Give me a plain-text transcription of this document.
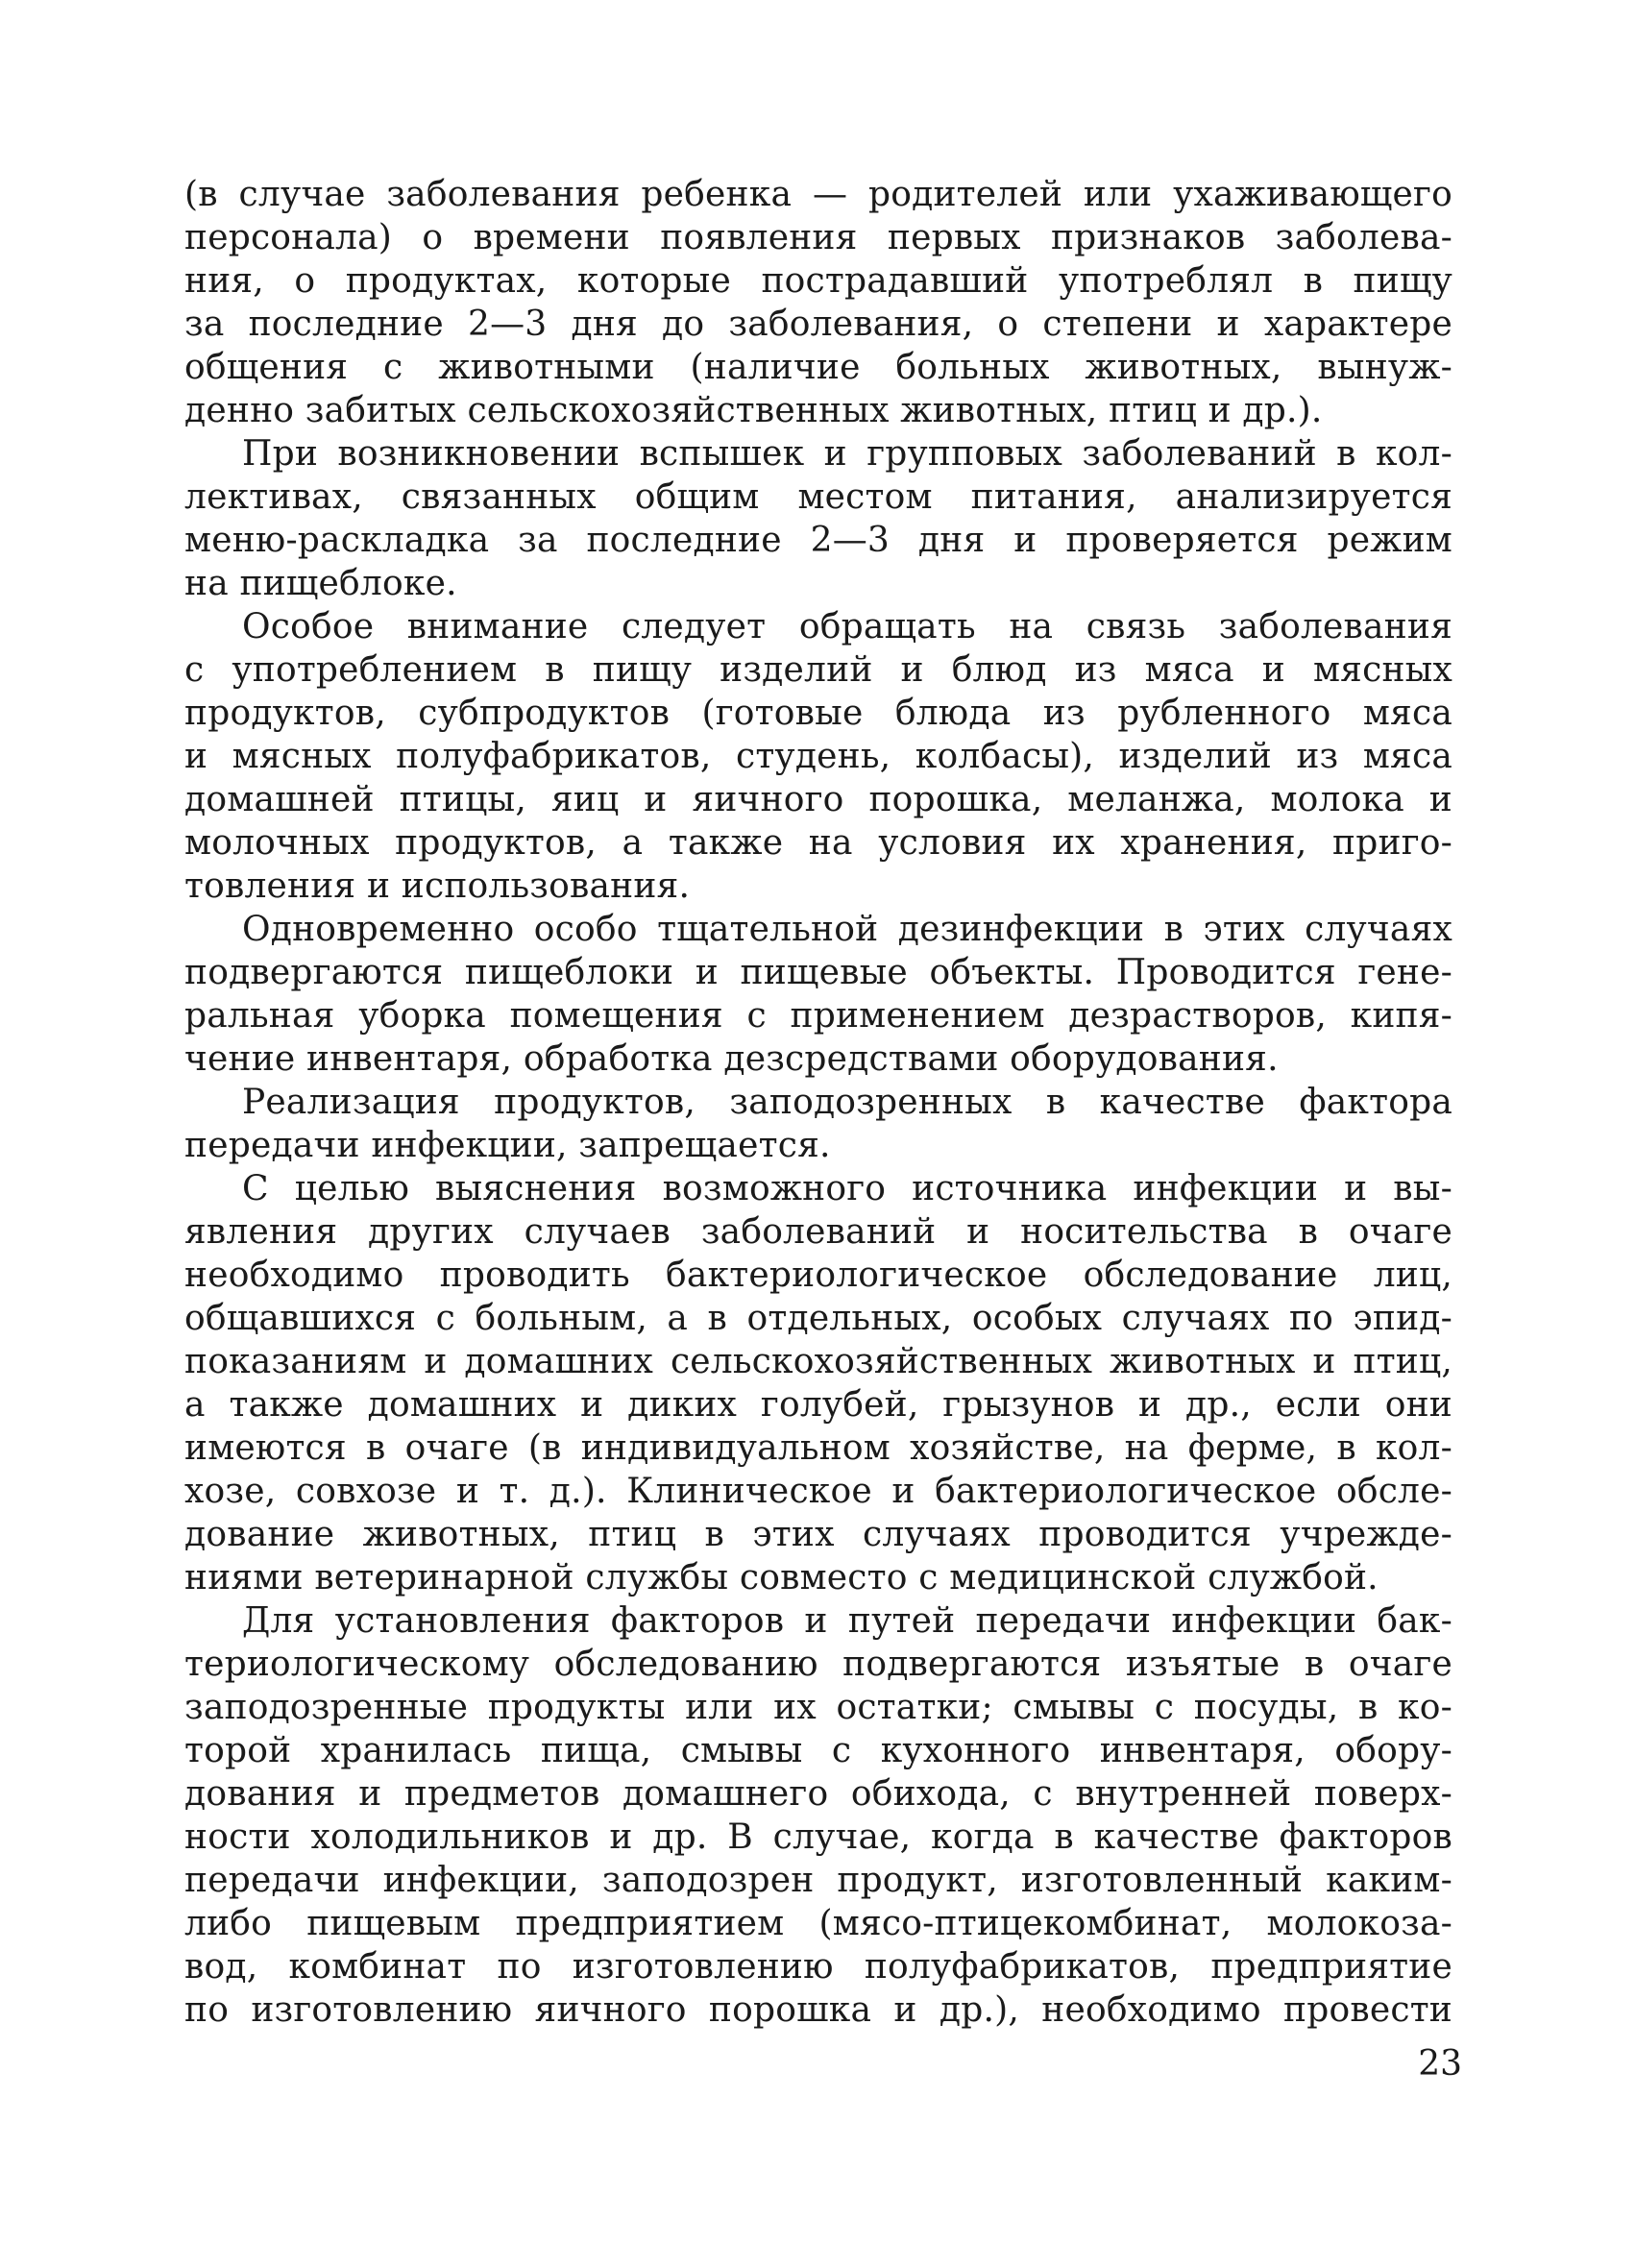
(в случае заболевания ребенка — родителей или ухаживающего
персонала) о времени появления первых признаков заболева-
ния, о продуктах, которые пострадавший употреблял в пищу
за последние 2—3 дня до заболевания, о степени и характере
общения с животными (наличие больных животных, вынуж-
денно забитых сельскохозяйственных животных, птиц и др.).
При возникновении вспышек и групповых заболеваний в кол-
лективах, связанных общим местом питания, анализируется
меню-раскладка за последние 2—3 дня и проверяется режим
на пищеблоке.
Особое внимание следует обращать на связь заболевания
с употреблением в пищу изделий и блюд из мяса и мясных
продуктов, субпродуктов (готовые блюда из рубленного мяса
и мясных полуфабрикатов, студень, колбасы), изделий из мяса
домашней птицы, яиц и яичного порошка, меланжа, молока и
молочных продуктов, а также на условия их хранения, приго-
товления и использования.
Одновременно особо тщательной дезинфекции в этих случаях
подвергаются пищеблоки и пищевые объекты. Проводится гене-
ральная уборка помещения с применением дезрастворов, кипя-
чение инвентаря, обработка дезсредствами оборудования.
Реализация продуктов, заподозренных в качестве фактора
передачи инфекции, запрещается.
С целью выяснения возможного источника инфекции и вы-
явления других случаев заболеваний и носительства в очаге
необходимо проводить бактериологическое обследование лиц,
общавшихся с больным, а в отдельных, особых случаях по эпид-
показаниям и домашних сельскохозяйственных животных и птиц,
а также домашних и диких голубей, грызунов и др., если они
имеются в очаге (в индивидуальном хозяйстве, на ферме, в кол-
хозе, совхозе и т. д.). Клиническое и бактериологическое обсле-
дование животных, птиц в этих случаях проводится учрежде-
ниями ветеринарной службы совместо с медицинской службой.
Для установления факторов и путей передачи инфекции бак-
териологическому обследованию подвергаются изъятые в очаге
заподозренные продукты или их остатки; смывы с посуды, в ко-
торой хранилась пища, смывы с кухонного инвентаря, обору-
дования и предметов домашнего обихода, с внутренней поверх-
ности холодильников и др. В случае, когда в качестве факторов
передачи инфекции, заподозрен продукт, изготовленный каким-
либо пищевым предприятием (мясо-птицекомбинат, молокоза-
вод, комбинат по изготовлению полуфабрикатов, предприятие
по изготовлению яичного порошка и др.), необходимо провести
23
